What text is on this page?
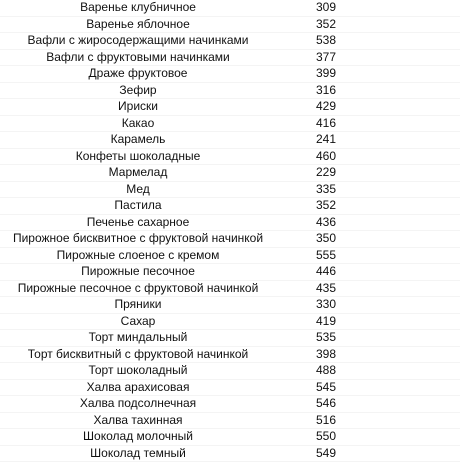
Варенье клубничное	309
Варенье яблочное	352
Вафли с жиросодержащими начинками	538
Вафли с фруктовыми начинками	377
Драже фруктовое	399
Зефир	316
Ириски	429
Какао	416
Карамель	241
Конфеты шоколадные	460
Мармелад	229
Мед	335
Пастила	352
Печенье сахарное	436
Пирожное бисквитное с фруктовой начинкой	350
Пирожные слоеное с кремом	555
Пирожные песочное	446
Пирожные песочное с фруктовой начинкой	435
Пряники	330
Сахар	419
Торт миндальный	535
Торт бисквитный с фруктовой начинкой	398
Торт шоколадный	488
Халва арахисовая	545
Халва подсолнечная	546
Халва тахинная	516
Шоколад молочный	550
Шоколад темный	549
